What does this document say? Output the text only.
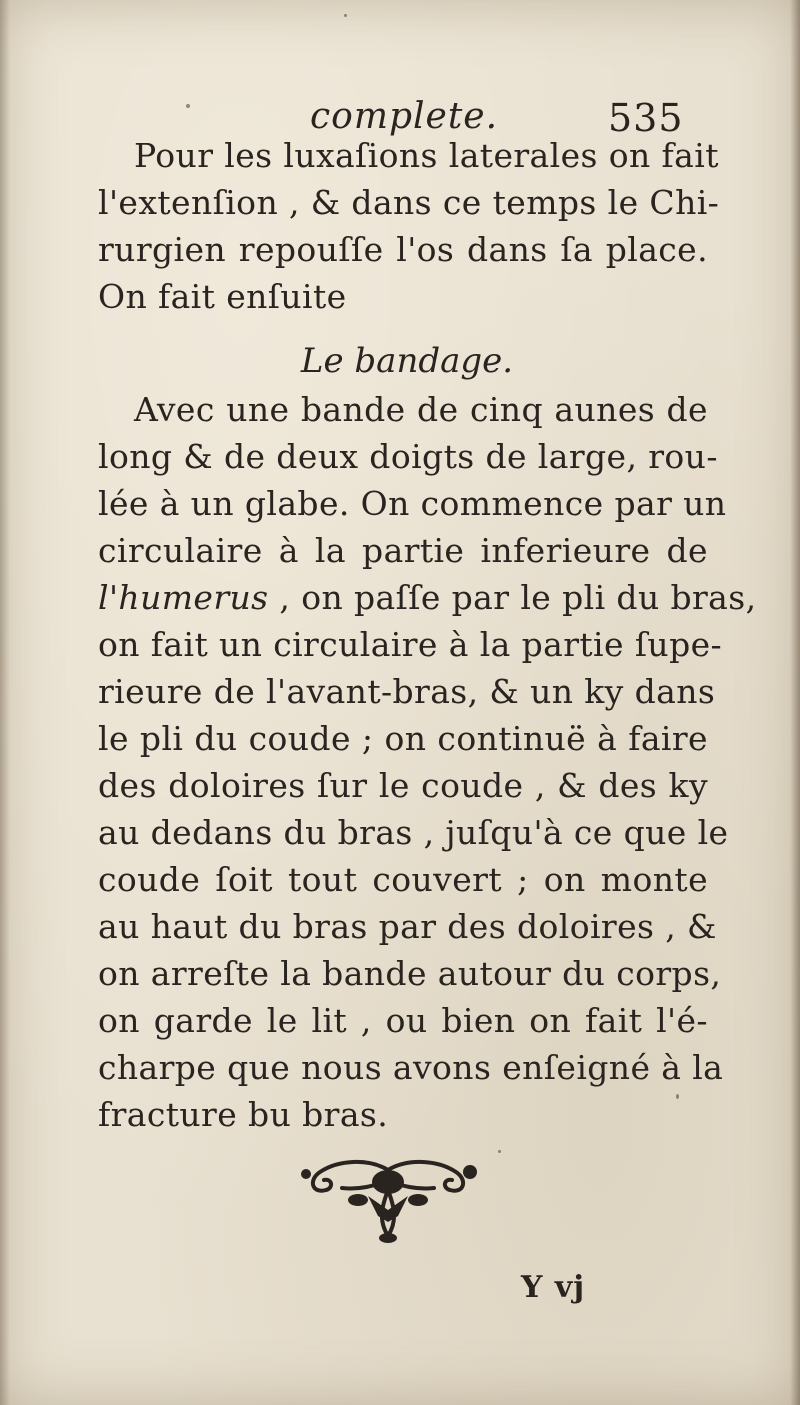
complete.	535
Pour les luxaſions laterales on fait
l'extenſion , & dans ce temps le Chi-
rurgien repouſſe l'os dans ſa place.
On fait enſuite
Le bandage.
Avec une bande de cinq aunes de
long & de deux doigts de large, rou-
lée à un glabe. On commence par un
circulaire à la partie inferieure de
l'humerus , on paſſe par le pli du bras,
on fait un circulaire à la partie ſupe-
rieure de l'avant-bras, & un ky dans
le pli du coude ; on continuë à faire
des doloires ſur le coude , & des ky
au dedans du bras , juſqu'à ce que le
coude ſoit tout couvert ; on monte
au haut du bras par des doloires , &
on arreſte la bande autour du corps,
on garde le lit , ou bien on fait l'é-
charpe que nous avons enſeigné à la
fracture bu bras.
Y vj
